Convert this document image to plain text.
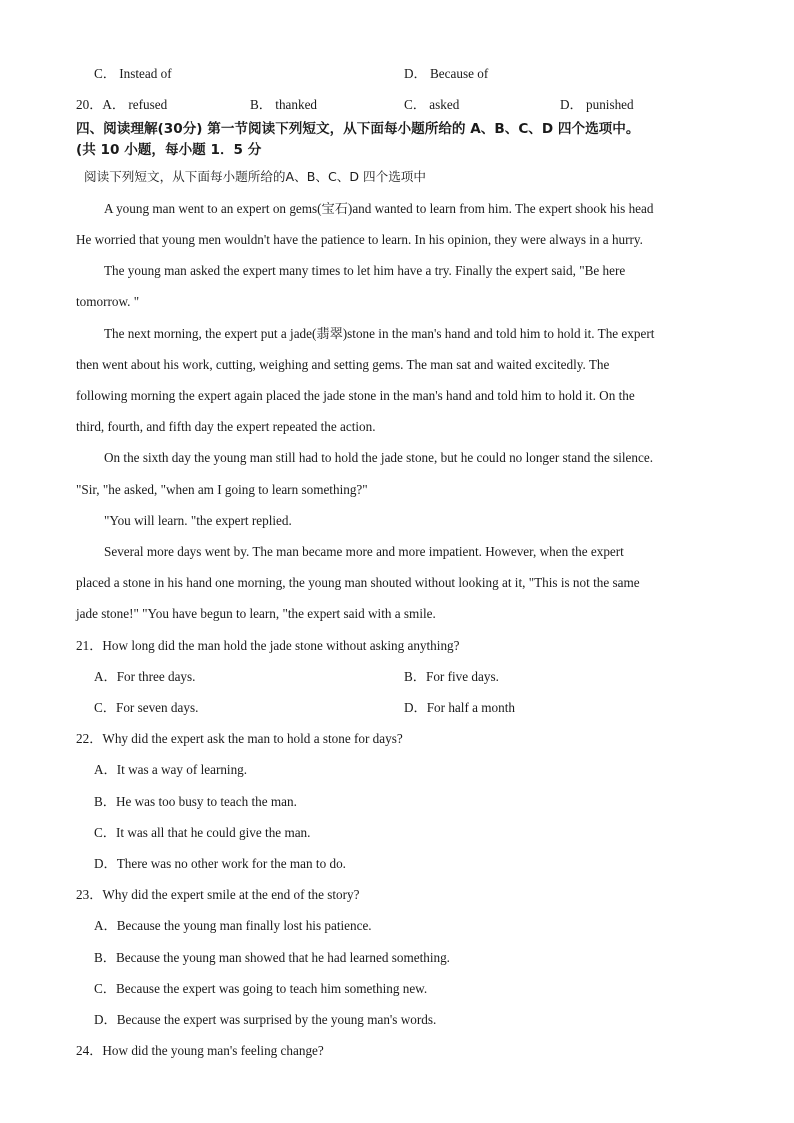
C． Instead of	D． Because of
20．A． refused	B． thanked	C． asked	D． punished
四、阅读理解(30分) 第一节阅读下列短文，从下面每小题所给的 A、B、C、D 四个选项中。
(共 10 小题，每小题 1．5 分
阅读下列短文，从下面每小题所给的A、B、C、D 四个选项中
A young man went to an expert on gems(宝石)and wanted to learn from him. The expert shook his head
He worried that young men wouldn't have the patience to learn. In his opinion, they were always in a hurry.
The young man asked the expert many times to let him have a try. Finally the expert said, "Be here
tomorrow. "
The next morning, the expert put a jade(翡翠)stone in the man's hand and told him to hold it. The expert
then went about his work, cutting, weighing and setting gems. The man sat and waited excitedly. The
following morning the expert again placed the jade stone in the man's hand and told him to hold it. On the
third, fourth, and fifth day the expert repeated the action.
On the sixth day the young man still had to hold the jade stone, but he could no longer stand the silence.
"Sir, "he asked, "when am I going to learn something?"
"You will learn. "the expert replied.
Several more days went by. The man became more and more impatient. However, when the expert
placed a stone in his hand one morning, the young man shouted without looking at it, "This is not the same
jade stone!" "You have begun to learn, "the expert said with a smile.
21．How long did the man hold the jade stone without asking anything?
A．For three days.	B．For five days.
C．For seven days.	D．For half a month
22．Why did the expert ask the man to hold a stone for days?
A．It was a way of learning.
B．He was too busy to teach the man.
C．It was all that he could give the man.
D．There was no other work for the man to do.
23．Why did the expert smile at the end of the story?
A．Because the young man finally lost his patience.
B．Because the young man showed that he had learned something.
C．Because the expert was going to teach him something new.
D．Because the expert was surprised by the young man's words.
24．How did the young man's feeling change?
